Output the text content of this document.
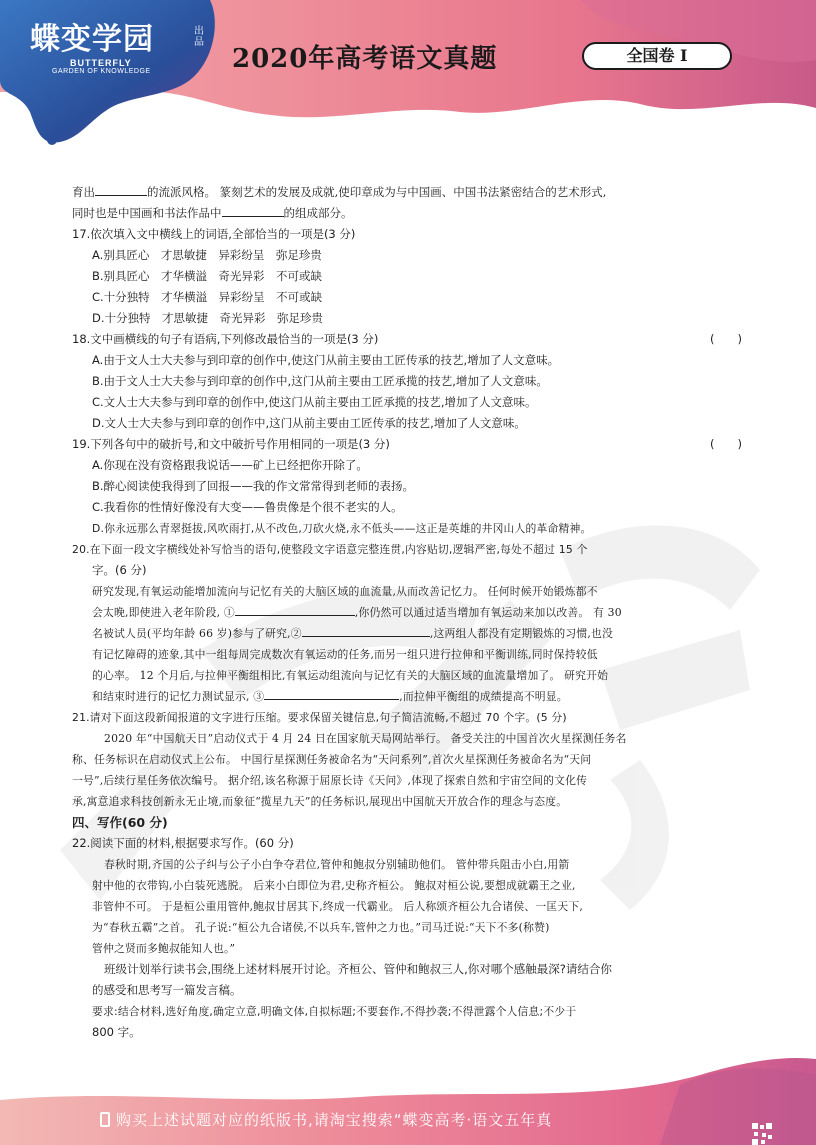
蝶变学园	出品
BUTTERFLY
GARDEN OF KNOWLEDGE	2020年高考语文真题	全国卷 I

育出	的流派风格。 篆刻艺术的发展及成就,使印章成为与中国画、中国书法紧密结合的艺术形式,

同时也是中国画和书法作品中	的组成部分。

17.依次填入文中横线上的词语,全部恰当的一项是(3 分)

A.别具匠心　才思敏捷　异彩纷呈　弥足珍贵

B.别具匠心　才华横溢　奇光异彩　不可或缺

C.十分独特　才华横溢　异彩纷呈　不可或缺

D.十分独特　才思敏捷　奇光异彩　弥足珍贵

18.文中画横线的句子有语病,下列修改最恰当的一项是(3 分)	(　　)

A.由于文人士大夫参与到印章的创作中,使这门从前主要由工匠传承的技艺,增加了人文意味。

B.由于文人士大夫参与到印章的创作中,这门从前主要由工匠承揽的技艺,增加了人文意味。

C.文人士大夫参与到印章的创作中,使这门从前主要由工匠承揽的技艺,增加了人文意味。

D.文人士大夫参与到印章的创作中,这门从前主要由工匠传承的技艺,增加了人文意味。

19.下列各句中的破折号,和文中破折号作用相同的一项是(3 分)	(　　)

A.你现在没有资格跟我说话——矿上已经把你开除了。

B.醉心阅读使我得到了回报——我的作文常常得到老师的表扬。

C.我看你的性情好像没有大变——鲁贵像是个很不老实的人。

D.你永远那么青翠挺拔,风吹雨打,从不改色,刀砍火烧,永不低头——这正是英雄的井冈山人的革命精神。

20.在下面一段文字横线处补写恰当的语句,使整段文字语意完整连贯,内容贴切,逻辑严密,每处不超过 15 个

字。(6 分)

研究发现,有氧运动能增加流向与记忆有关的大脑区域的血流量,从而改善记忆力。 任何时候开始锻炼都不

会太晚,即使进入老年阶段, ①	,你仍然可以通过适当增加有氧运动来加以改善。 有 30

名被试人员(平均年龄 66 岁)参与了研究,②	,这两组人都没有定期锻炼的习惯,也没

有记忆障碍的迹象,其中一组每周完成数次有氧运动的任务,而另一组只进行拉伸和平衡训练,同时保持较低

的心率。 12 个月后,与拉伸平衡组相比,有氧运动组流向与记忆有关的大脑区域的血流量增加了。 研究开始

和结束时进行的记忆力测试显示, ③	,而拉伸平衡组的成绩提高不明显。

21.请对下面这段新闻报道的文字进行压缩。要求保留关键信息,句子简洁流畅,不超过 70 个字。(5 分)

2020 年“中国航天日”启动仪式于 4 月 24 日在国家航天局网站举行。 备受关注的中国首次火星探测任务名

称、任务标识在启动仪式上公布。 中国行星探测任务被命名为“天问系列”,首次火星探测任务被命名为“天问

一号”,后续行星任务依次编号。 据介绍,该名称源于屈原长诗《天问》,体现了探索自然和宇宙空间的文化传

承,寓意追求科技创新永无止境,而象征“揽星九天”的任务标识,展现出中国航天开放合作的理念与态度。

四、写作(60 分)

22.阅读下面的材料,根据要求写作。(60 分)

春秋时期,齐国的公子纠与公子小白争夺君位,管仲和鲍叔分别辅助他们。 管仲带兵阻击小白,用箭

射中他的衣带钩,小白装死逃脱。 后来小白即位为君,史称齐桓公。 鲍叔对桓公说,要想成就霸王之业,

非管仲不可。 于是桓公重用管仲,鲍叔甘居其下,终成一代霸业。 后人称颂齐桓公九合诸侯、一匡天下,

为“春秋五霸”之首。 孔子说:“桓公九合诸侯,不以兵车,管仲之力也。”司马迁说:“天下不多(称赞)

管仲之贤而多鲍叔能知人也。”

班级计划举行读书会,围绕上述材料展开讨论。齐桓公、管仲和鲍叔三人,你对哪个感触最深?请结合你

的感受和思考写一篇发言稿。

要求:结合材料,选好角度,确定立意,明确文体,自拟标题;不要套作,不得抄袭;不得泄露个人信息;不少于

800 字。

购买上述试题对应的纸版书,请淘宝搜索“蝶变高考·语文五年真
